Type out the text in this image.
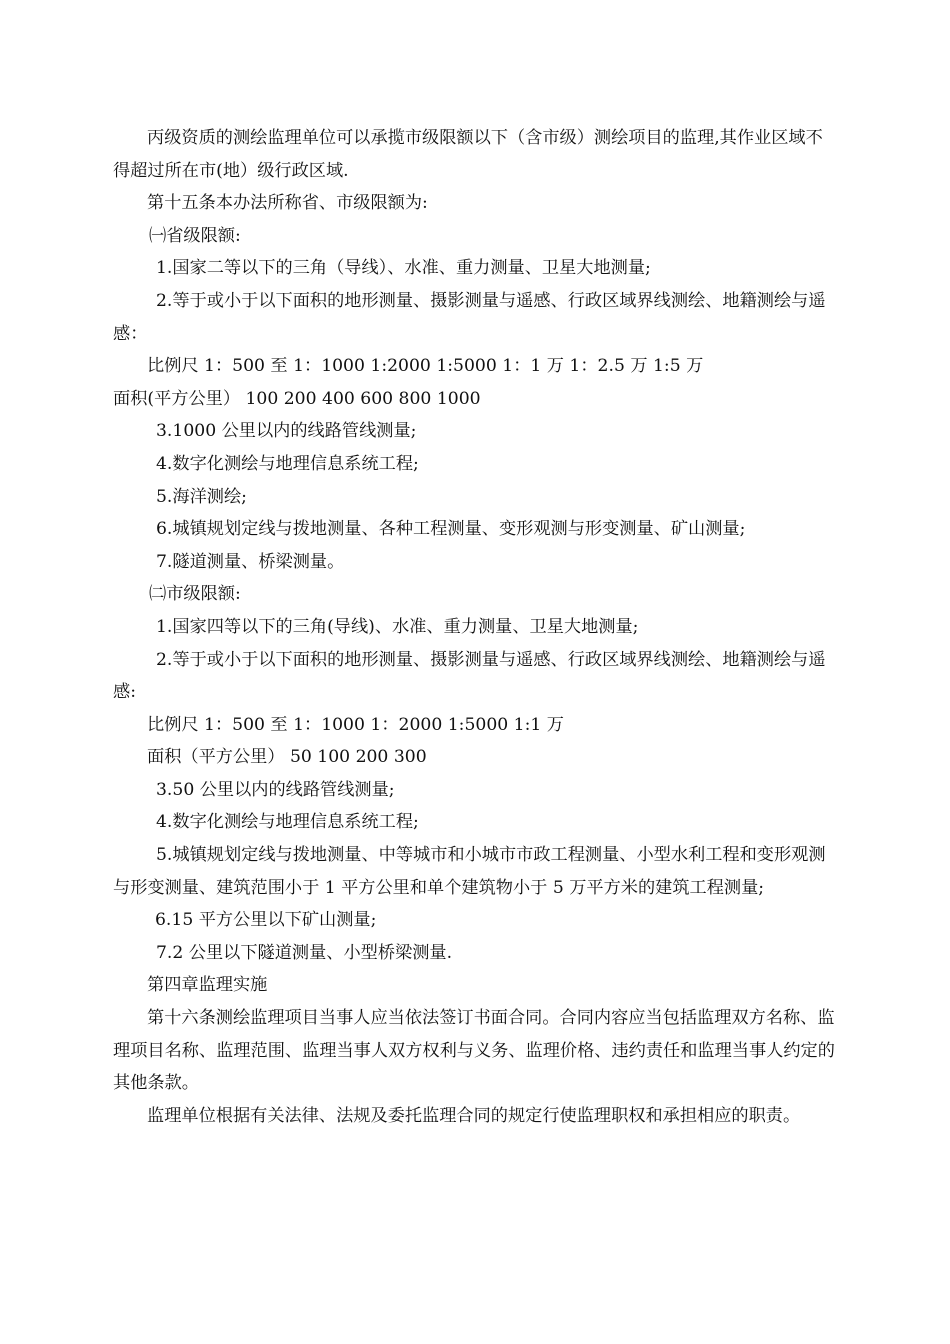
丙级资质的测绘监理单位可以承揽市级限额以下（含市级）测绘项目的监理,其作业区域不得超过所在市(地）级行政区域.

第十五条本办法所称省、市级限额为:

㈠省级限额:

1.国家二等以下的三角（导线）、水准、重力测量、卫星大地测量;

2.等于或小于以下面积的地形测量、摄影测量与遥感、行政区域界线测绘、地籍测绘与遥感：

比例尺 1：500 至 1：1000 1:2000 1:5000 1：1 万 1：2.5 万 1:5 万

面积(平方公里） 100 200 400 600 800 1000

3.1000 公里以内的线路管线测量;

4.数字化测绘与地理信息系统工程;

5.海洋测绘;

6.城镇规划定线与拨地测量、各种工程测量、变形观测与形变测量、矿山测量;

7.隧道测量、桥梁测量。

㈡市级限额:

1.国家四等以下的三角(导线)、水准、重力测量、卫星大地测量;

2.等于或小于以下面积的地形测量、摄影测量与遥感、行政区域界线测绘、地籍测绘与遥感:

比例尺 1：500 至 1：1000 1：2000 1:5000 1:1 万

面积（平方公里） 50 100 200 300

3.50 公里以内的线路管线测量;

4.数字化测绘与地理信息系统工程;

5.城镇规划定线与拨地测量、中等城市和小城市市政工程测量、小型水利工程和变形观测与形变测量、建筑范围小于 1 平方公里和单个建筑物小于 5 万平方米的建筑工程测量;

6.15 平方公里以下矿山测量;

7.2 公里以下隧道测量、小型桥梁测量.

第四章监理实施

第十六条测绘监理项目当事人应当依法签订书面合同。合同内容应当包括监理双方名称、监理项目名称、监理范围、监理当事人双方权利与义务、监理价格、违约责任和监理当事人约定的其他条款。

监理单位根据有关法律、法规及委托监理合同的规定行使监理职权和承担相应的职责。
